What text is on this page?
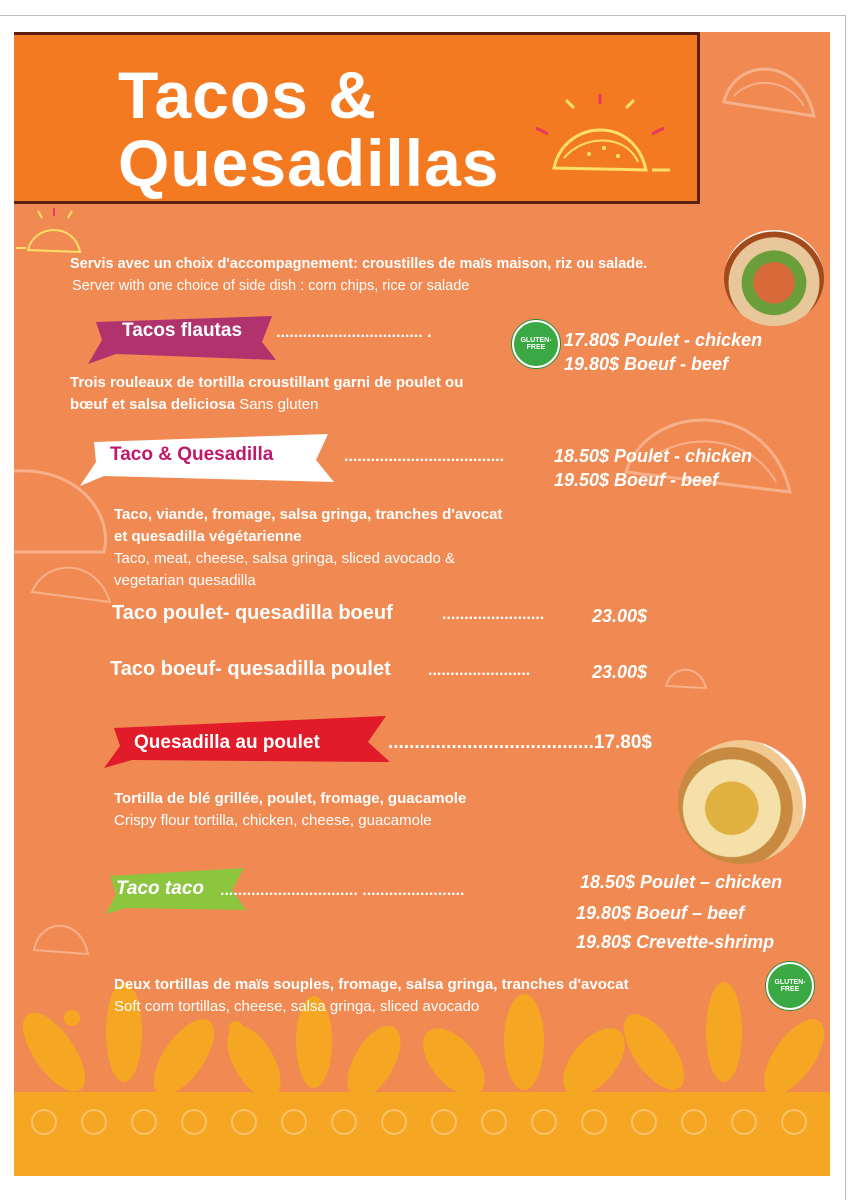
Tacos &
Quesadillas
Servis avec un choix d'accompagnement: croustilles de maïs maison, riz ou salade.
Server with one choice of side dish : corn chips, rice or salade
Tacos flautas ................................. .	GLUTEN-FREE	17.80$ Poulet - chicken
19.80$ Boeuf - beef
Trois rouleaux de tortilla croustillant garni de poulet ou
bœuf et salsa deliciosa Sans gluten
Taco & Quesadilla	....................................	18.50$ Poulet - chicken
19.50$ Boeuf - beef
Taco, viande, fromage, salsa gringa, tranches d'avocat
et quesadilla végétarienne
Taco, meat, cheese, salsa gringa, sliced avocado &
vegetarian quesadilla
Taco poulet- quesadilla boeuf	.......................	23.00$
Taco boeuf- quesadilla poulet .......................	23.00$
Quesadilla au poulet	.......................................17.80$
Tortilla de blé grillée, poulet, fromage, guacamole
Crispy flour tortilla, chicken, cheese, guacamole
Taco taco ............................... .......................	18.50$ Poulet – chicken
19.80$ Boeuf – beef
19.80$ Crevette-shrimp
GLUTEN-FREE
Deux tortillas de maïs souples, fromage, salsa gringa, tranches d'avocat
Soft corn tortillas, cheese, salsa gringa, sliced avocado
